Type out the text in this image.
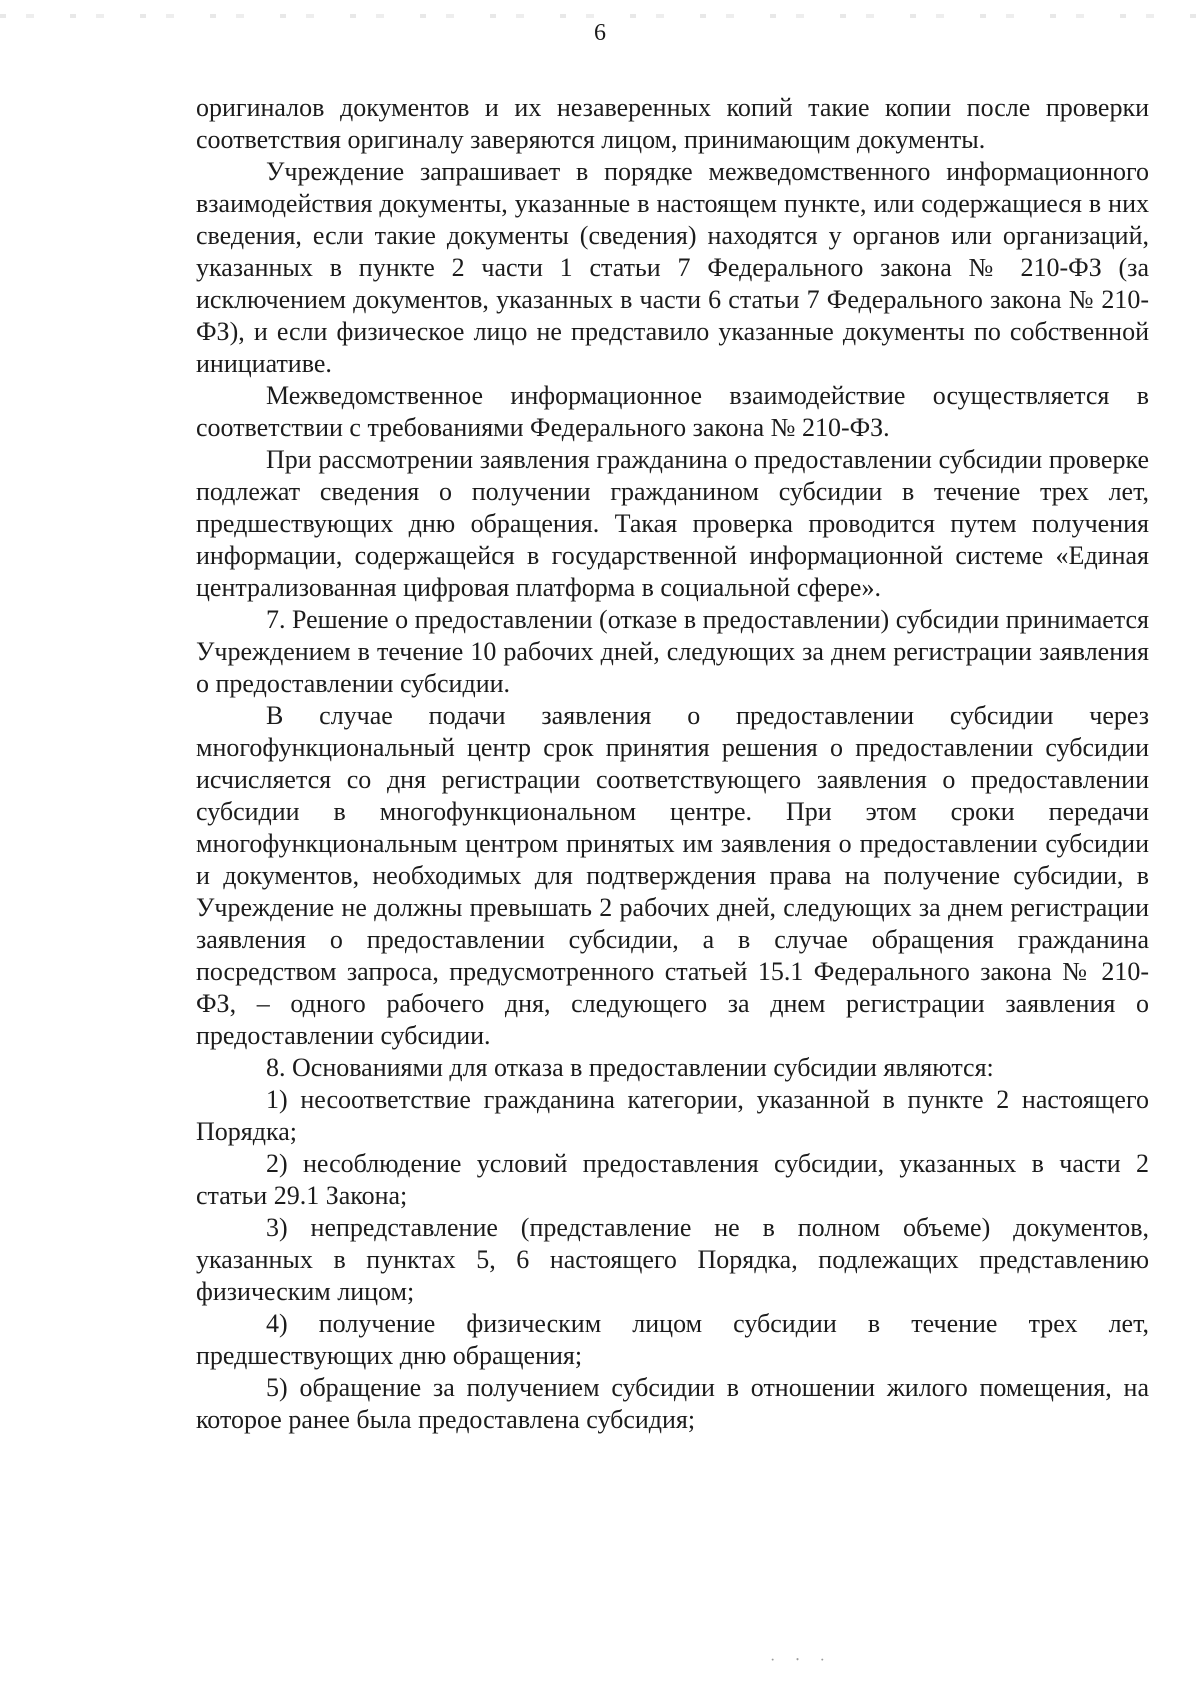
6

оригиналов документов и их незаверенных копий такие копии после проверки соответствия оригиналу заверяются лицом, принимающим документы.

Учреждение запрашивает в порядке межведомственного информационного взаимодействия документы, указанные в настоящем пункте, или содержащиеся в них сведения, если такие документы (сведения) находятся у органов или организаций, указанных в пункте 2 части 1 статьи 7 Федерального закона № 210-ФЗ (за исключением документов, указанных в части 6 статьи 7 Федерального закона № 210-ФЗ), и если физическое лицо не представило указанные документы по собственной инициативе.

Межведомственное информационное взаимодействие осуществляется в соответствии с требованиями Федерального закона № 210-ФЗ.

При рассмотрении заявления гражданина о предоставлении субсидии проверке подлежат сведения о получении гражданином субсидии в течение трех лет, предшествующих дню обращения. Такая проверка проводится путем получения информации, содержащейся в государственной информационной системе «Единая централизованная цифровая платформа в социальной сфере».

7. Решение о предоставлении (отказе в предоставлении) субсидии принимается Учреждением в течение 10 рабочих дней, следующих за днем регистрации заявления о предоставлении субсидии.

В случае подачи заявления о предоставлении субсидии через многофункциональный центр срок принятия решения о предоставлении субсидии исчисляется со дня регистрации соответствующего заявления о предоставлении субсидии в многофункциональном центре. При этом сроки передачи многофункциональным центром принятых им заявления о предоставлении субсидии и документов, необходимых для подтверждения права на получение субсидии, в Учреждение не должны превышать 2 рабочих дней, следующих за днем регистрации заявления о предоставлении субсидии, а в случае обращения гражданина посредством запроса, предусмотренного статьей 15.1 Федерального закона № 210-ФЗ, – одного рабочего дня, следующего за днем регистрации заявления о предоставлении субсидии.

8. Основаниями для отказа в предоставлении субсидии являются:

1) несоответствие гражданина категории, указанной в пункте 2 настоящего Порядка;

2) несоблюдение условий предоставления субсидии, указанных в части 2 статьи 29.1 Закона;

3) непредставление (представление не в полном объеме) документов, указанных в пунктах 5, 6 настоящего Порядка, подлежащих представлению физическим лицом;

4) получение физическим лицом субсидии в течение трех лет, предшествующих дню обращения;

5) обращение за получением субсидии в отношении жилого помещения, на которое ранее была предоставлена субсидия;

· ⸱ ·
